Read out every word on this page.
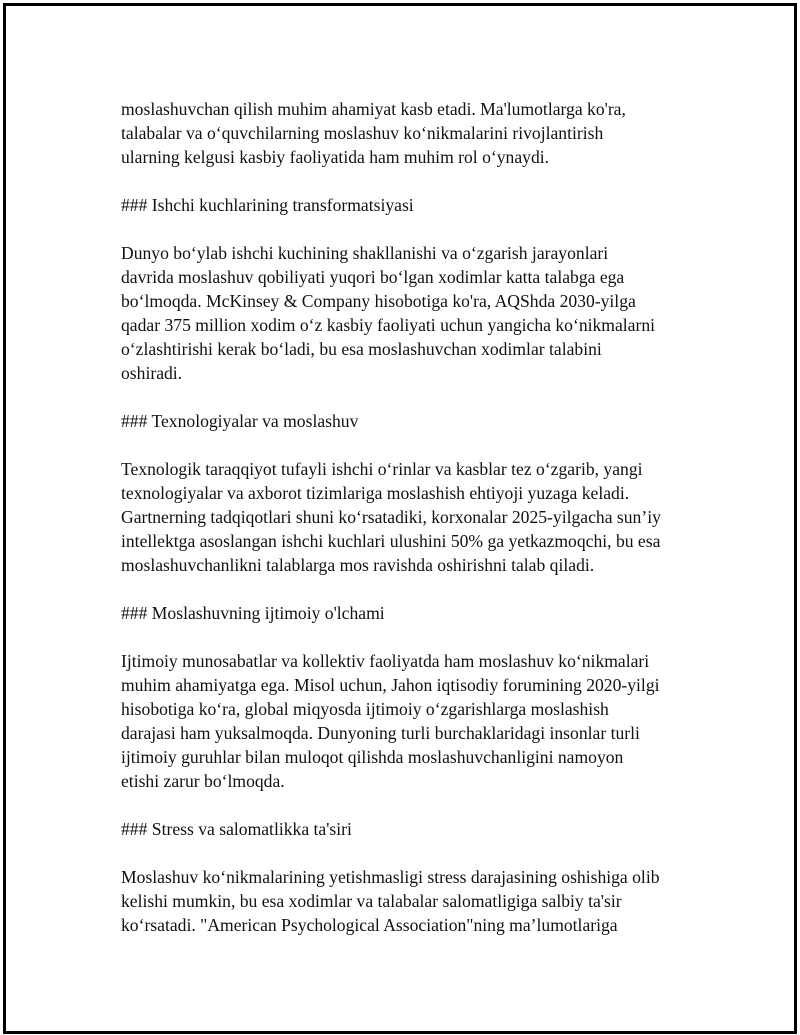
moslashuvchan qilish muhim ahamiyat kasb etadi. Ma'lumotlarga ko'ra,
talabalar va o‘quvchilarning moslashuv ko‘nikmalarini rivojlantirish
ularning kelgusi kasbiy faoliyatida ham muhim rol o‘ynaydi.

### Ishchi kuchlarining transformatsiyasi

Dunyo bo‘ylab ishchi kuchining shakllanishi va o‘zgarish jarayonlari
davrida moslashuv qobiliyati yuqori bo‘lgan xodimlar katta talabga ega
bo‘lmoqda. McKinsey & Company hisobotiga ko'ra, AQShda 2030-yilga
qadar 375 million xodim o‘z kasbiy faoliyati uchun yangicha ko‘nikmalarni
o‘zlashtirishi kerak bo‘ladi, bu esa moslashuvchan xodimlar talabini
oshiradi.

### Texnologiyalar va moslashuv

Texnologik taraqqiyot tufayli ishchi o‘rinlar va kasblar tez o‘zgarib, yangi
texnologiyalar va axborot tizimlariga moslashish ehtiyoji yuzaga keladi.
Gartnerning tadqiqotlari shuni ko‘rsatadiki, korxonalar 2025-yilgacha sun’iy
intellektga asoslangan ishchi kuchlari ulushini 50% ga yetkazmoqchi, bu esa
moslashuvchanlikni talablarga mos ravishda oshirishni talab qiladi.

### Moslashuvning ijtimoiy o'lchami

Ijtimoiy munosabatlar va kollektiv faoliyatda ham moslashuv ko‘nikmalari
muhim ahamiyatga ega. Misol uchun, Jahon iqtisodiy forumining 2020-yilgi
hisobotiga ko‘ra, global miqyosda ijtimoiy o‘zgarishlarga moslashish
darajasi ham yuksalmoqda. Dunyoning turli burchaklaridagi insonlar turli
ijtimoiy guruhlar bilan muloqot qilishda moslashuvchanligini namoyon
etishi zarur bo‘lmoqda.

### Stress va salomatlikka ta'siri

Moslashuv ko‘nikmalarining yetishmasligi stress darajasining oshishiga olib
kelishi mumkin, bu esa xodimlar va talabalar salomatligiga salbiy ta'sir
ko‘rsatadi. "American Psychological Association"ning ma’lumotlariga
